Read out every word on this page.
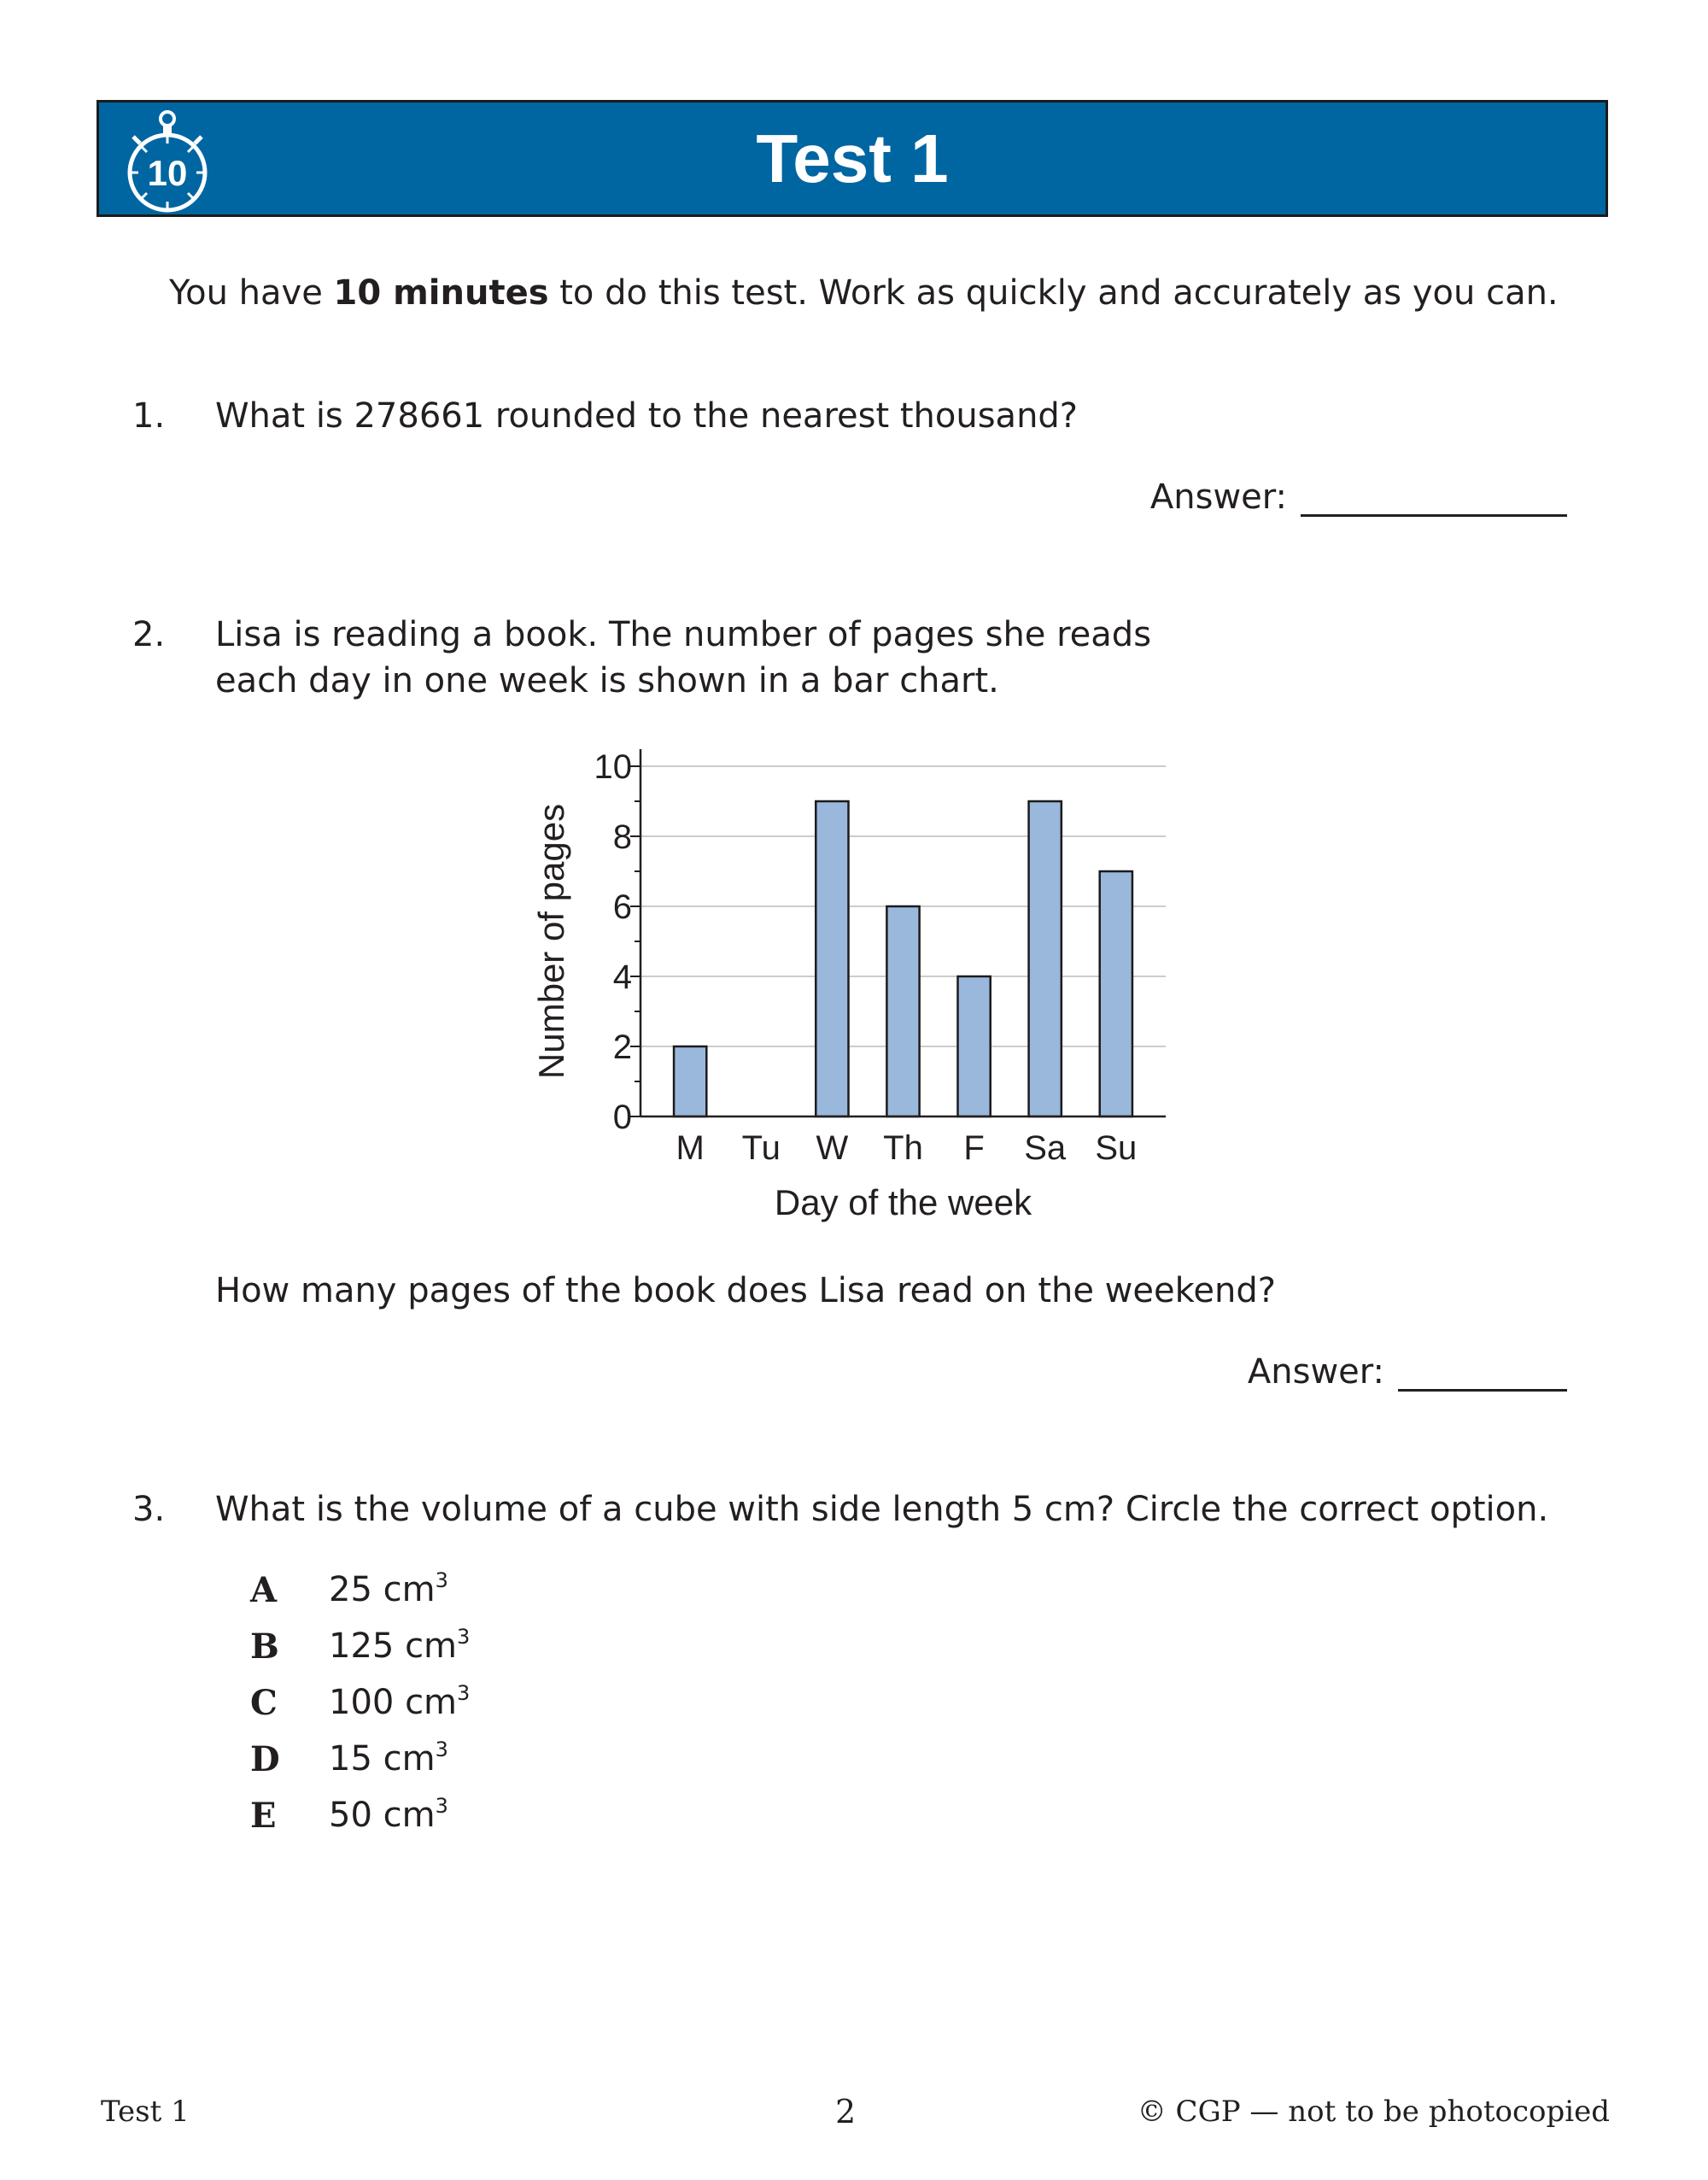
10	Test 1
You have 10 minutes to do this test. Work as quickly and accurately as you can.
1. What is 278661 rounded to the nearest thousand?
Answer:
2. Lisa is reading a book. The number of pages she reads
each day in one week is shown in a bar chart.
0
2
4
6
8
10
M Tu W Th F Sa Su
Day of the week
Number of pages
How many pages of the book does Lisa read on the weekend?
Answer:
3. What is the volume of a cube with side length 5 cm? Circle the correct option.
A 25 $cm^3$
B 125 $cm^3$
C 100 $cm^3$
D 15 $cm^3$
E 50 $cm^3$
Test 1	2	© CGP — not to be photocopied
